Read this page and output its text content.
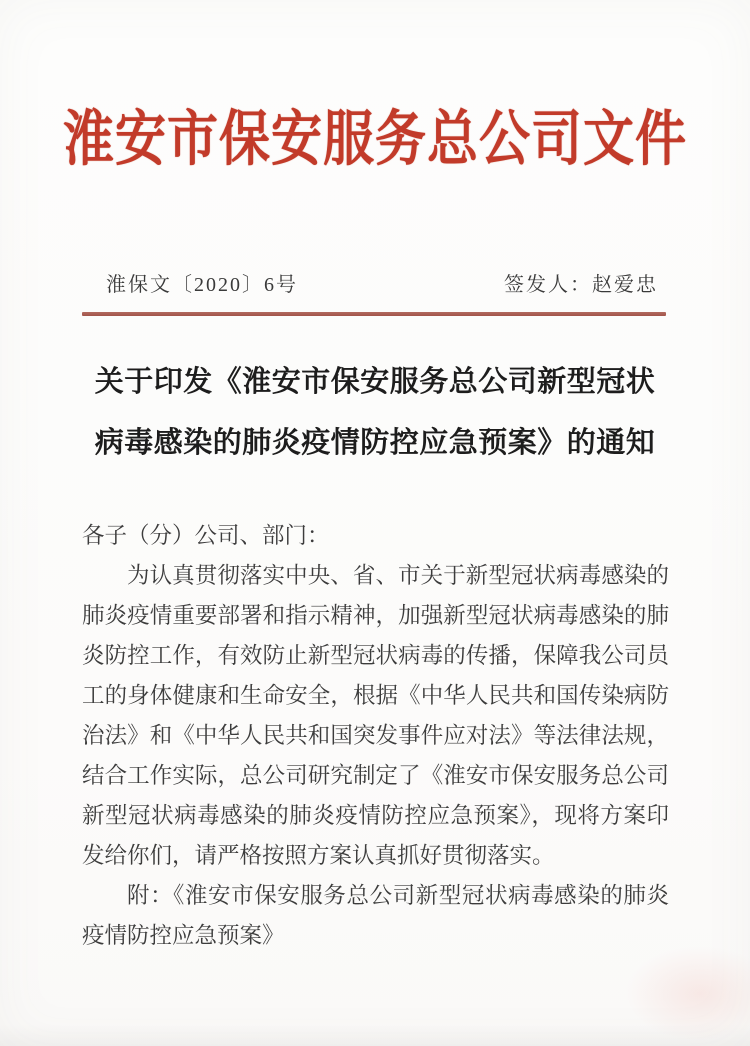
淮安市保安服务总公司文件
淮保文〔2020〕6号	签发人：赵爱忠
关于印发《淮安市保安服务总公司新型冠状
病毒感染的肺炎疫情防控应急预案》的通知

各子（分）公司、部门：

为认真贯彻落实中央、省、市关于新型冠状病毒感染的肺炎疫情重要部署和指示精神，加强新型冠状病毒感染的肺炎防控工作，有效防止新型冠状病毒的传播，保障我公司员工的身体健康和生命安全，根据《中华人民共和国传染病防治法》和《中华人民共和国突发事件应对法》等法律法规，结合工作实际，总公司研究制定了《淮安市保安服务总公司新型冠状病毒感染的肺炎疫情防控应急预案》，现将方案印发给你们，请严格按照方案认真抓好贯彻落实。

附：《淮安市保安服务总公司新型冠状病毒感染的肺炎疫情防控应急预案》
